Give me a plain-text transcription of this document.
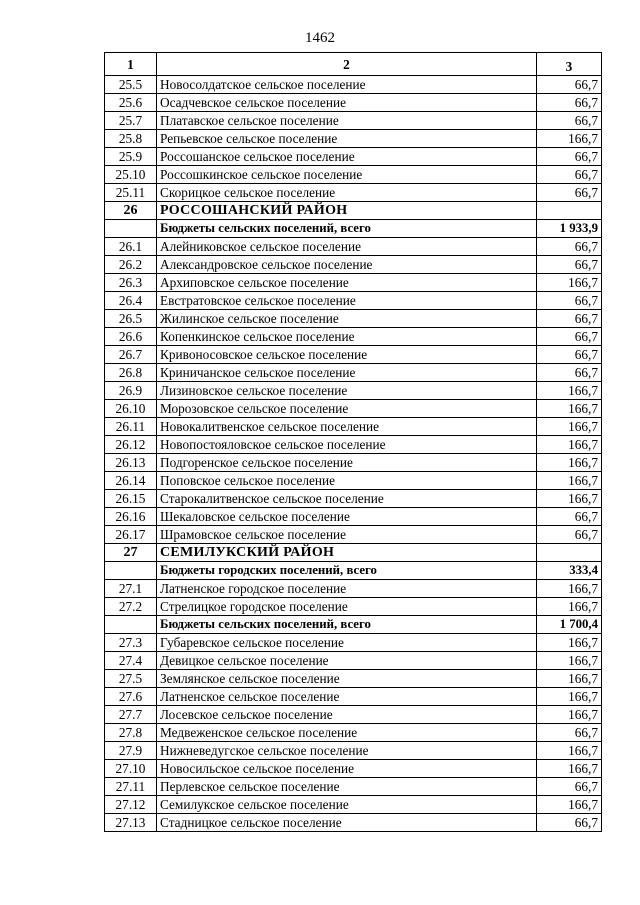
1462
1	2	3
25.5	Новосолдатское сельское поселение	66,7
25.6	Осадчевское сельское поселение	66,7
25.7	Платавское сельское поселение	66,7
25.8	Репьевское сельское поселение	166,7
25.9	Россошанское сельское поселение	66,7
25.10	Россошкинское сельское поселение	66,7
25.11	Скорицкое сельское поселение	66,7
26	РОССОШАНСКИЙ РАЙОН	
	Бюджеты сельских поселений, всего	1 933,9
26.1	Алейниковское сельское поселение	66,7
26.2	Александровское сельское поселение	66,7
26.3	Архиповское сельское поселение	166,7
26.4	Евстратовское сельское поселение	66,7
26.5	Жилинское сельское поселение	66,7
26.6	Копенкинское сельское поселение	66,7
26.7	Кривоносовское сельское поселение	66,7
26.8	Криничанское сельское поселение	66,7
26.9	Лизиновское сельское поселение	166,7
26.10	Морозовское сельское поселение	166,7
26.11	Новокалитвенское сельское поселение	166,7
26.12	Новопостояловское сельское поселение	166,7
26.13	Подгоренское сельское поселение	166,7
26.14	Поповское сельское поселение	166,7
26.15	Старокалитвенское сельское поселение	166,7
26.16	Шекаловское сельское поселение	66,7
26.17	Шрамовское сельское поселение	66,7
27	СЕМИЛУКСКИЙ РАЙОН	
	Бюджеты городских поселений, всего	333,4
27.1	Латненское городское поселение	166,7
27.2	Стрелицкое городское поселение	166,7
	Бюджеты сельских поселений, всего	1 700,4
27.3	Губаревское сельское поселение	166,7
27.4	Девицкое сельское поселение	166,7
27.5	Землянское сельское поселение	166,7
27.6	Латненское сельское поселение	166,7
27.7	Лосевское сельское поселение	166,7
27.8	Медвеженское сельское поселение	66,7
27.9	Нижневедугское сельское поселение	166,7
27.10	Новосильское сельское поселение	166,7
27.11	Перлевское сельское поселение	66,7
27.12	Семилукское сельское поселение	166,7
27.13	Стадницкое сельское поселение	66,7
